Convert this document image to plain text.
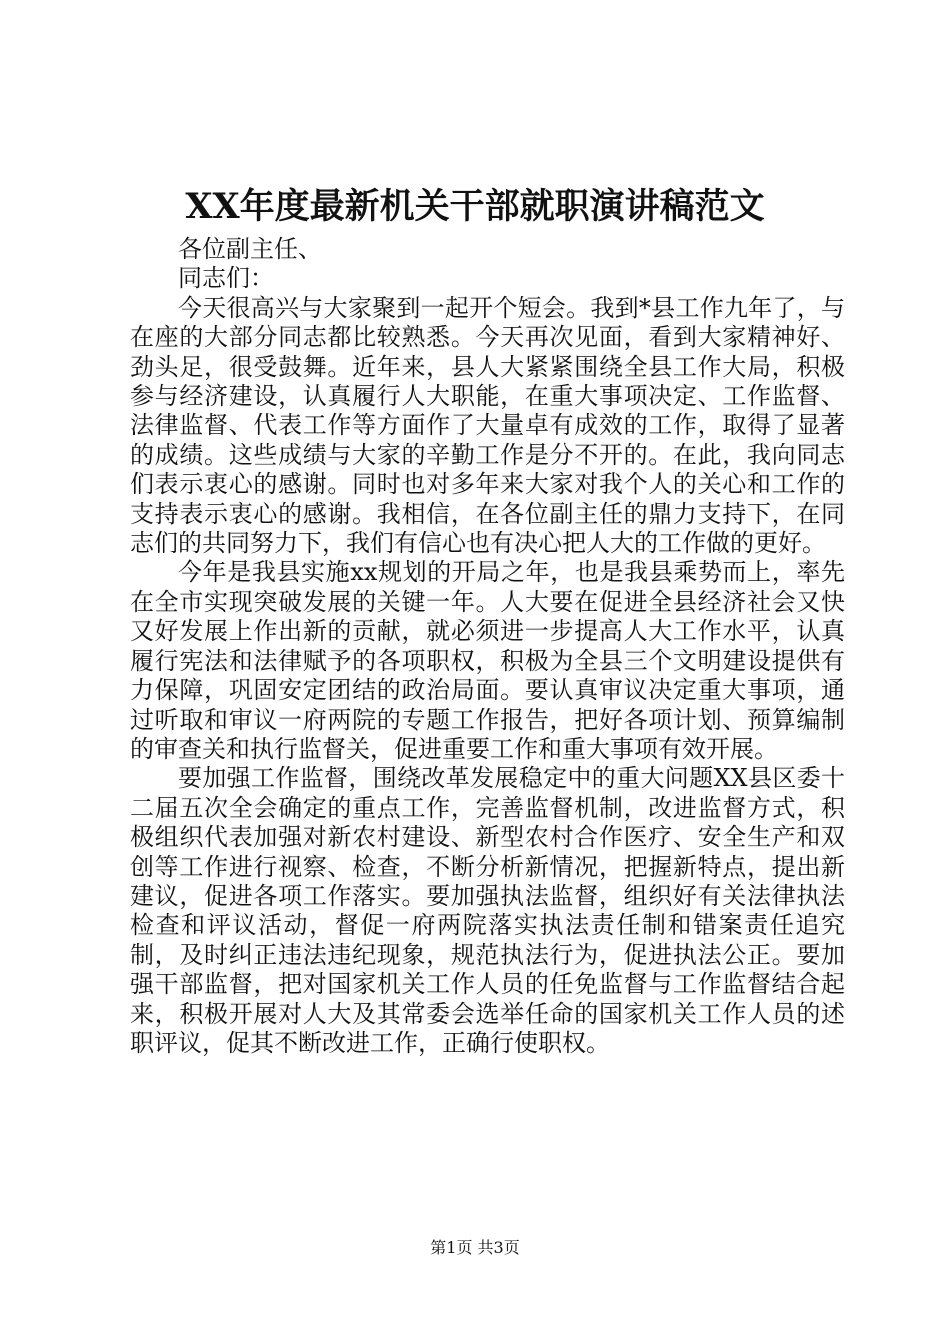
XX年度最新机关干部就职演讲稿范文

各位副主任、

同志们：

今天很高兴与大家聚到一起开个短会。我到*县工作九年了，与在座的大部分同志都比较熟悉。今天再次见面，看到大家精神好、劲头足，很受鼓舞。近年来，县人大紧紧围绕全县工作大局，积极参与经济建设，认真履行人大职能，在重大事项决定、工作监督、法律监督、代表工作等方面作了大量卓有成效的工作，取得了显著的成绩。这些成绩与大家的辛勤工作是分不开的。在此，我向同志们表示衷心的感谢。同时也对多年来大家对我个人的关心和工作的支持表示衷心的感谢。我相信，在各位副主任的鼎力支持下，在同志们的共同努力下，我们有信心也有决心把人大的工作做的更好。

今年是我县实施xx规划的开局之年，也是我县乘势而上，率先在全市实现突破发展的关键一年。人大要在促进全县经济社会又快又好发展上作出新的贡献，就必须进一步提高人大工作水平，认真履行宪法和法律赋予的各项职权，积极为全县三个文明建设提供有力保障，巩固安定团结的政治局面。要认真审议决定重大事项，通过听取和审议一府两院的专题工作报告，把好各项计划、预算编制的审查关和执行监督关，促进重要工作和重大事项有效开展。

要加强工作监督，围绕改革发展稳定中的重大问题XX县区委十二届五次全会确定的重点工作，完善监督机制，改进监督方式，积极组织代表加强对新农村建设、新型农村合作医疗、安全生产和双创等工作进行视察、检查，不断分析新情况，把握新特点，提出新建议，促进各项工作落实。要加强执法监督，组织好有关法律执法检查和评议活动，督促一府两院落实执法责任制和错案责任追究制，及时纠正违法违纪现象，规范执法行为，促进执法公正。要加强干部监督，把对国家机关工作人员的任免监督与工作监督结合起来，积极开展对人大及其常委会选举任命的国家机关工作人员的述职评议，促其不断改进工作，正确行使职权。

第1页 共3页
